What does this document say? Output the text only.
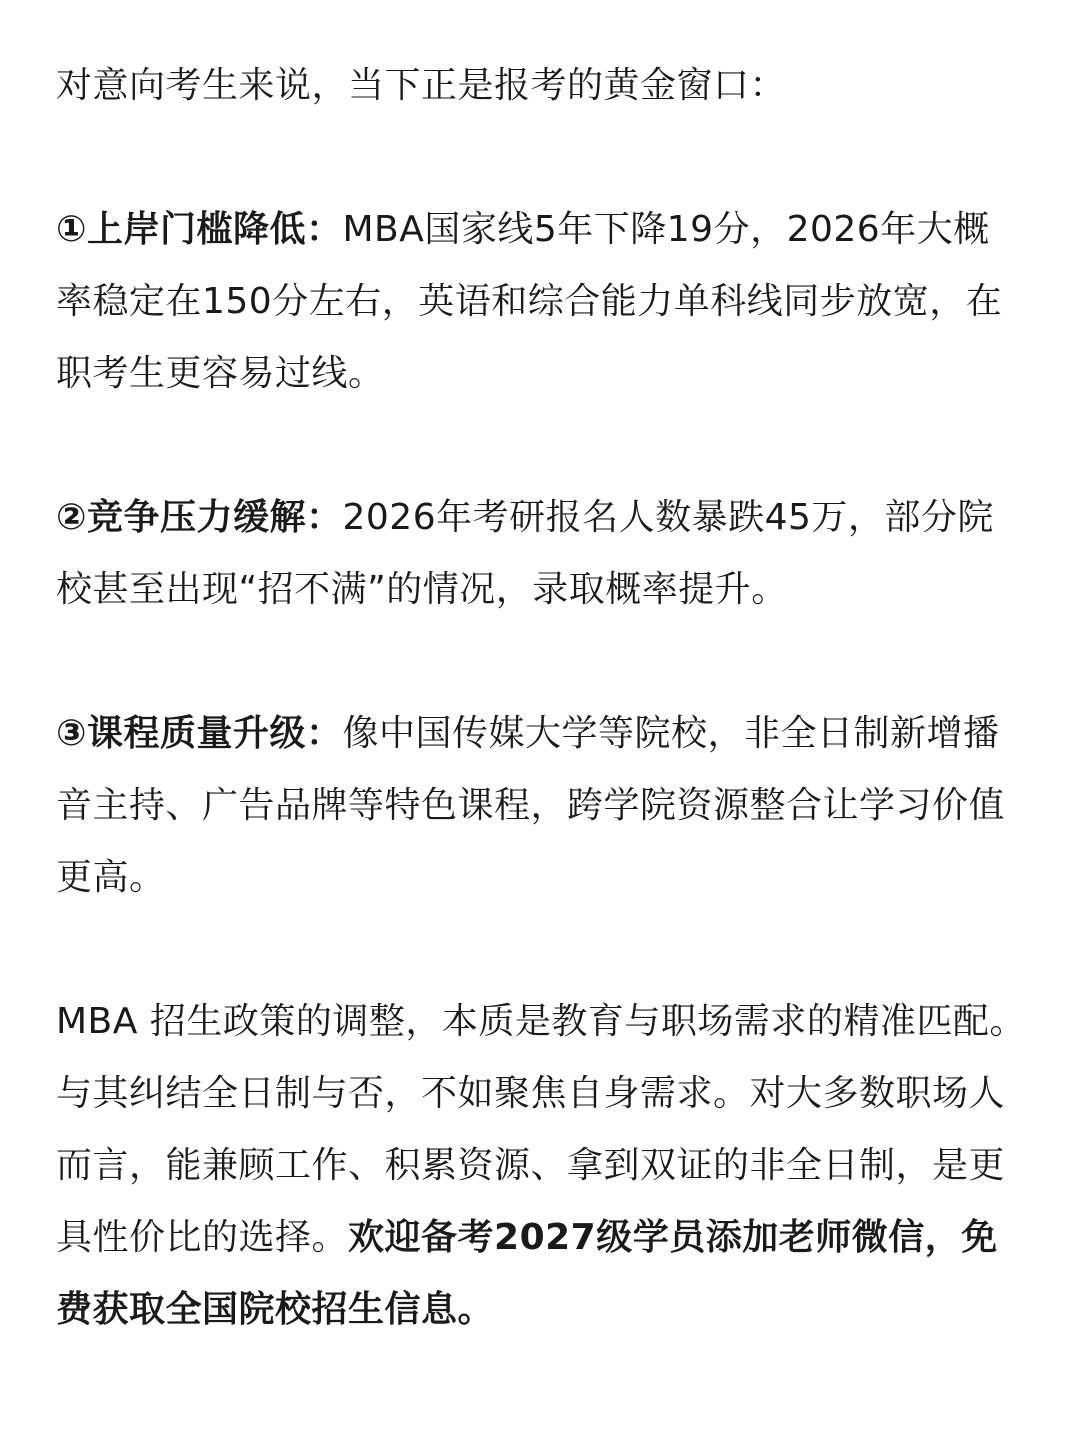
对意向考生来说，当下正是报考的黄金窗口：

①上岸门槛降低：MBA国家线5年下降19分，2026年大概率稳定在150分左右，英语和综合能力单科线同步放宽，在职考生更容易过线。

②竞争压力缓解：2026年考研报名人数暴跌45万，部分院校甚至出现“招不满”的情况，录取概率提升。

③课程质量升级：像中国传媒大学等院校，非全日制新增播音主持、广告品牌等特色课程，跨学院资源整合让学习价值更高。

MBA 招生政策的调整，本质是教育与职场需求的精准匹配。与其纠结全日制与否，不如聚焦自身需求。对大多数职场人而言，能兼顾工作、积累资源、拿到双证的非全日制，是更具性价比的选择。欢迎备考2027级学员添加老师微信，免费获取全国院校招生信息。
